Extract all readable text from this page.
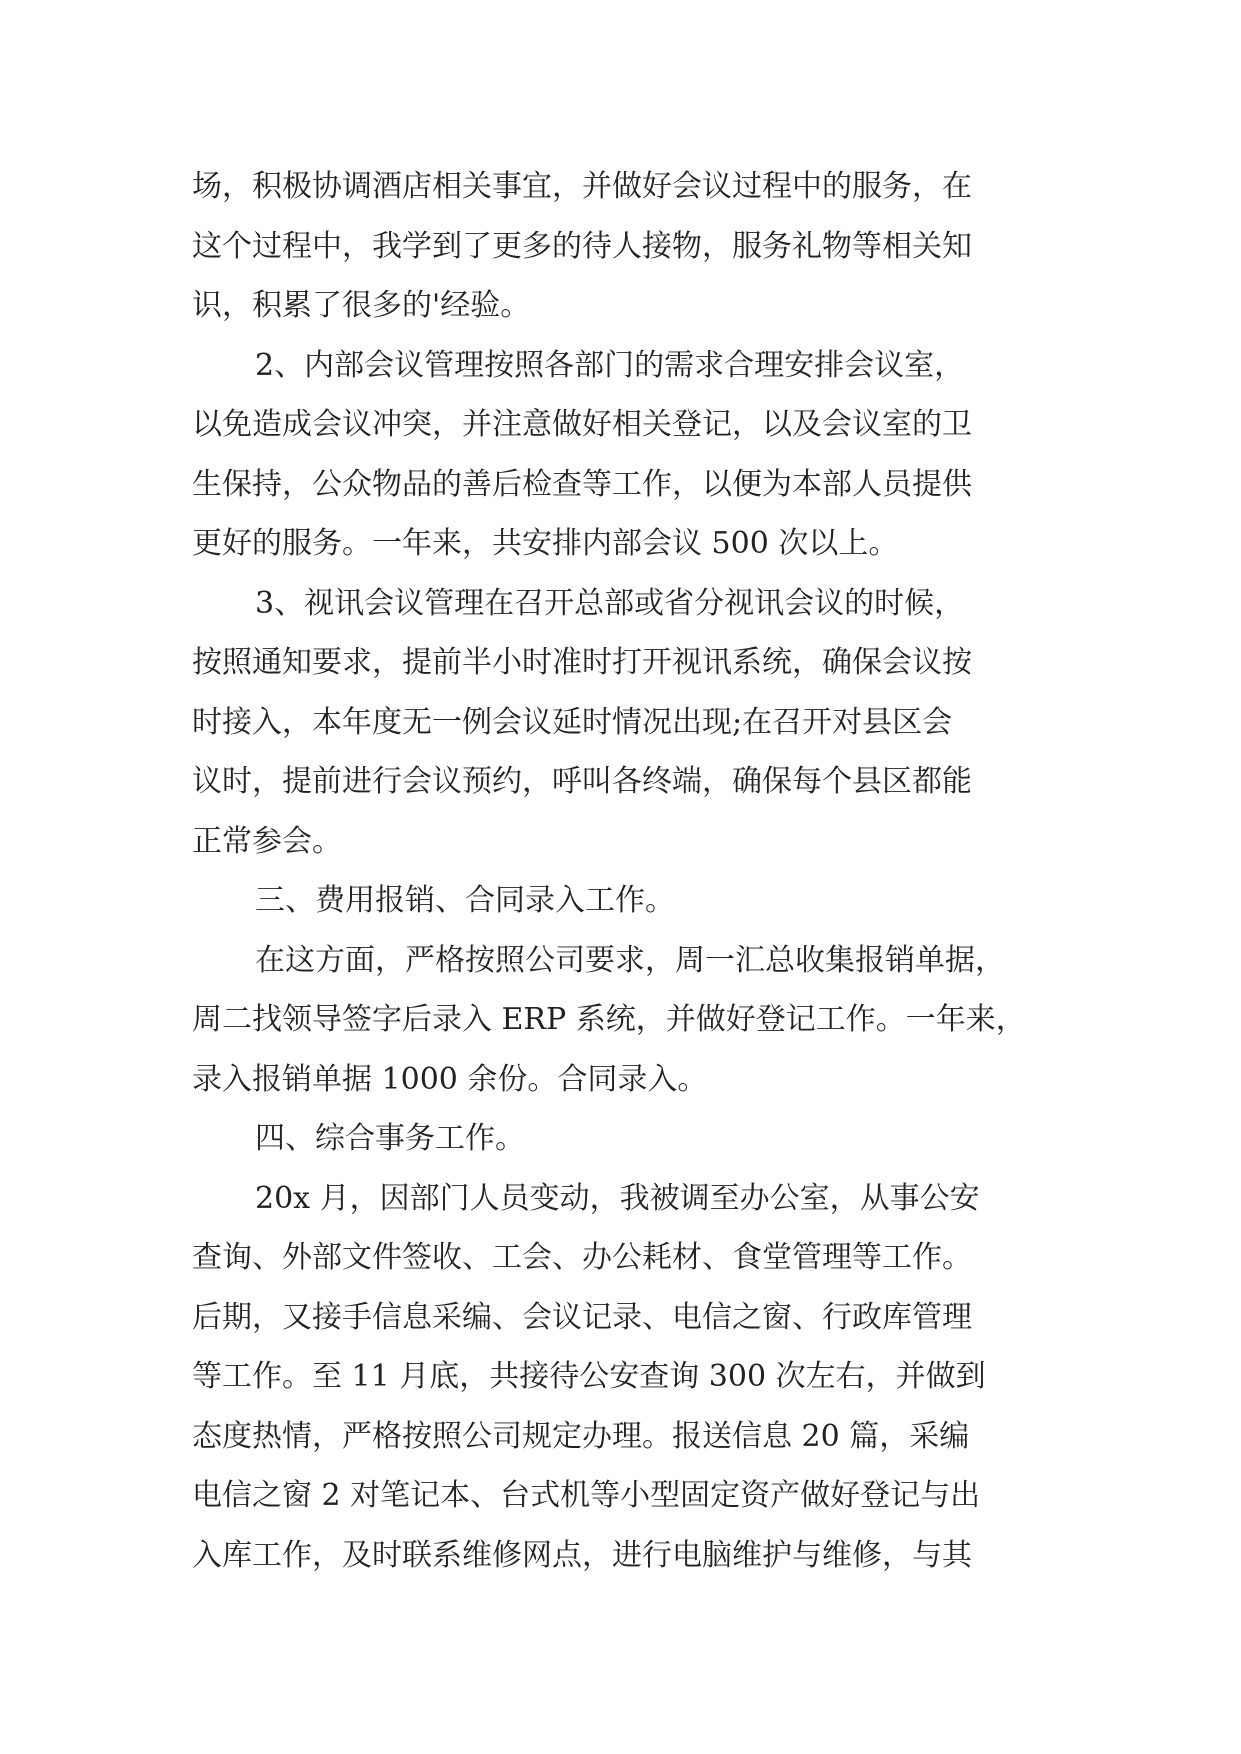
场，积极协调酒店相关事宜，并做好会议过程中的服务，在

这个过程中，我学到了更多的待人接物，服务礼物等相关知

识，积累了很多的'经验。

2、内部会议管理按照各部门的需求合理安排会议室，

以免造成会议冲突，并注意做好相关登记，以及会议室的卫

生保持，公众物品的善后检查等工作，以便为本部人员提供

更好的服务。一年来，共安排内部会议 500 次以上。

3、视讯会议管理在召开总部或省分视讯会议的时候，

按照通知要求，提前半小时准时打开视讯系统，确保会议按

时接入，本年度无一例会议延时情况出现;在召开对县区会

议时，提前进行会议预约，呼叫各终端，确保每个县区都能

正常参会。

三、费用报销、合同录入工作。

在这方面，严格按照公司要求，周一汇总收集报销单据，

周二找领导签字后录入 ERP 系统，并做好登记工作。一年来，

录入报销单据 1000 余份。合同录入。

四、综合事务工作。

20x 月，因部门人员变动，我被调至办公室，从事公安

查询、外部文件签收、工会、办公耗材、食堂管理等工作。

后期，又接手信息采编、会议记录、电信之窗、行政库管理

等工作。至 11 月底，共接待公安查询 300 次左右，并做到

态度热情，严格按照公司规定办理。报送信息 20 篇，采编

电信之窗 2 对笔记本、台式机等小型固定资产做好登记与出

入库工作，及时联系维修网点，进行电脑维护与维修，与其
